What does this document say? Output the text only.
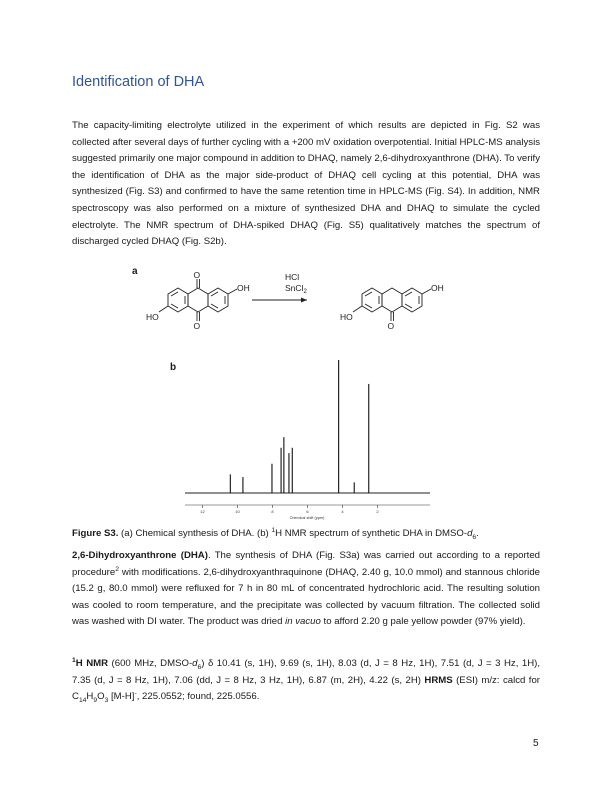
Identification of DHA
The capacity-limiting electrolyte utilized in the experiment of which results are depicted in Fig. S2 was collected after several days of further cycling with a +200 mV oxidation overpotential. Initial HPLC-MS analysis suggested primarily one major compound in addition to DHAQ, namely 2,6-dihydroxyanthrone (DHA). To verify the identification of DHA as the major side-product of DHAQ cell cycling at this potential, DHA was synthesized (Fig. S3) and confirmed to have the same retention time in HPLC-MS (Fig. S4). In addition, NMR spectroscopy was also performed on a mixture of synthesized DHA and DHAQ to simulate the cycled electrolyte. The NMR spectrum of DHA-spiked DHAQ (Fig. S5) qualitatively matches the spectrum of discharged cycled DHAQ (Fig. S2b).
a	O
O
OH
HO
HCl
SnCl$_2$
O
OH
HO
b
12	10	8	6	4	2
Chemical shift (ppm)
Figure S3. (a) Chemical synthesis of DHA. (b) $^1$H NMR spectrum of synthetic DHA in DMSO-$d_6$.
2,6-Dihydroxyanthrone (DHA). The synthesis of DHA (Fig. S3a) was carried out according to a reported procedure$^2$ with modifications. 2,6-dihydroxyanthraquinone (DHAQ, 2.40 g, 10.0 mmol) and stannous chloride (15.2 g, 80.0 mmol) were refluxed for 7 h in 80 mL of concentrated hydrochloric acid. The resulting solution was cooled to room temperature, and the precipitate was collected by vacuum filtration. The collected solid was washed with DI water. The product was dried in vacuo to afford 2.20 g pale yellow powder (97% yield).
$^1$H NMR (600 MHz, DMSO-$d_6$) δ 10.41 (s, 1H), 9.69 (s, 1H), 8.03 (d, J = 8 Hz, 1H), 7.51 (d, J = 3 Hz, 1H), 7.35 (d, J = 8 Hz, 1H), 7.06 (dd, J = 8 Hz, 3 Hz, 1H), 6.87 (m, 2H), 4.22 (s, 2H) HRMS (ESI) m/z: calcd for $C_{14}H_9O_3$ [M-H]-, 225.0552; found, 225.0556.
5
